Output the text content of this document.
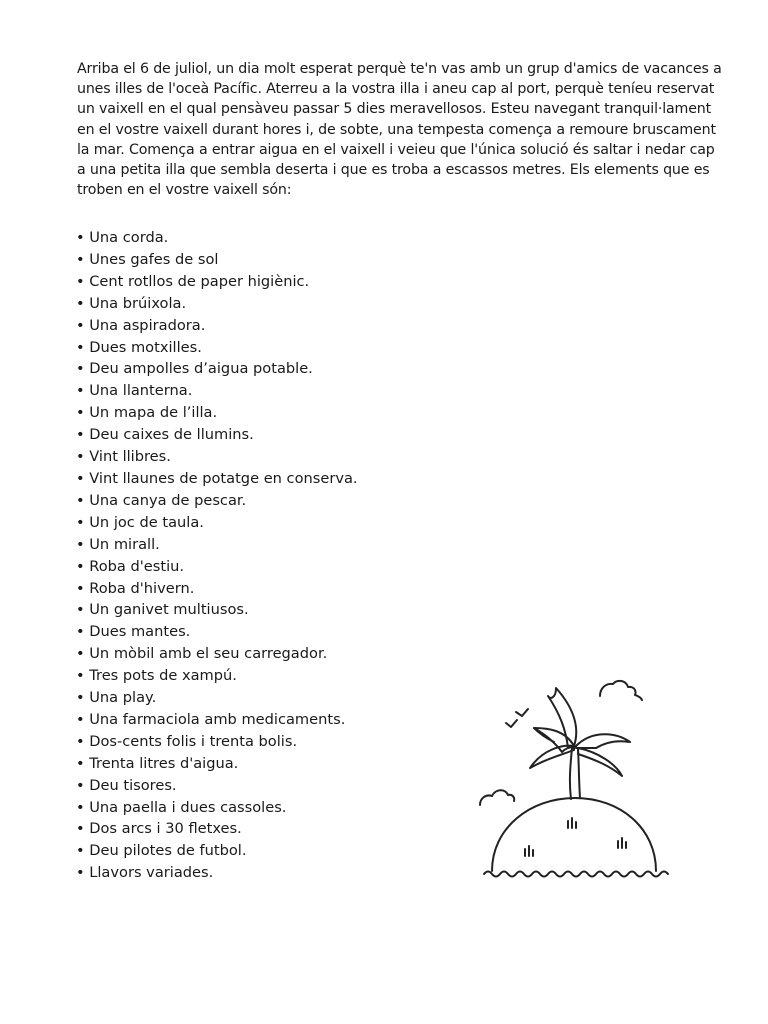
Arriba el 6 de juliol, un dia molt esperat perquè te'n vas amb un grup d'amics de vacances a unes illes de l'oceà Pacífic. Aterreu a la vostra illa i aneu cap al port, perquè teníeu reservat un vaixell en el qual pensàveu passar 5 dies meravellosos. Esteu navegant tranquil·lament en el vostre vaixell durant hores i, de sobte, una tempesta comença a remoure bruscament la mar. Comença a entrar aigua en el vaixell i veieu que l'única solució és saltar i nedar cap a una petita illa que sembla deserta i que es troba a escassos metres. Els elements que es troben en el vostre vaixell són:

• Una corda.
• Unes gafes de sol
• Cent rotllos de paper higiènic.
• Una brúixola.
• Una aspiradora.
• Dues motxilles.
• Deu ampolles d’aigua potable.
• Una llanterna.
• Un mapa de l’illa.
• Deu caixes de llumins.
• Vint llibres.
• Vint llaunes de potatge en conserva.
• Una canya de pescar.
• Un joc de taula.
• Un mirall.
• Roba d'estiu.
• Roba d'hivern.
• Un ganivet multiusos.
• Dues mantes.
• Un mòbil amb el seu carregador.
• Tres pots de xampú.
• Una play.
• Una farmaciola amb medicaments.
• Dos-cents folis i trenta bolis.
• Trenta litres d'aigua.
• Deu tisores.
• Una paella i dues cassoles.
• Dos arcs i 30 fletxes.
• Deu pilotes de futbol.
• Llavors variades.
